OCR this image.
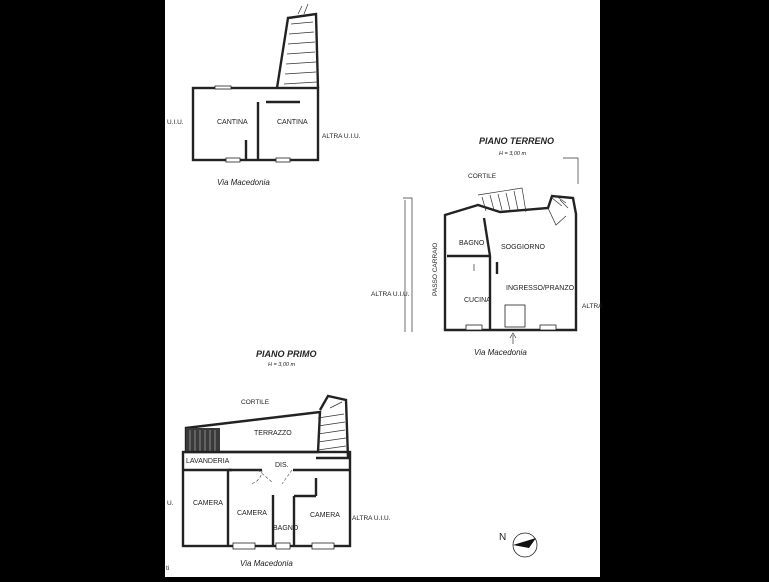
CANTINA	CANTINA
U.I.U.
ALTRA U.I.U.
Via Macedonia
PIANO TERRENO
H = 3,00 m
CORTILE
BAGNO
SOGGIORNO
INGRESSO/PRANZO
CUCINA
PASSO CARRAIO
ALTRA U.I.U.
ALTRA
Via Macedonia
PIANO PRIMO
H = 3,00 m
CORTILE
LAVANDERIA
TERRAZZO
DIS.
CAMERA
CAMERA
BAGNO
CAMERA
U.
ALTRA U.I.U.
Via Macedonia
ti
N
